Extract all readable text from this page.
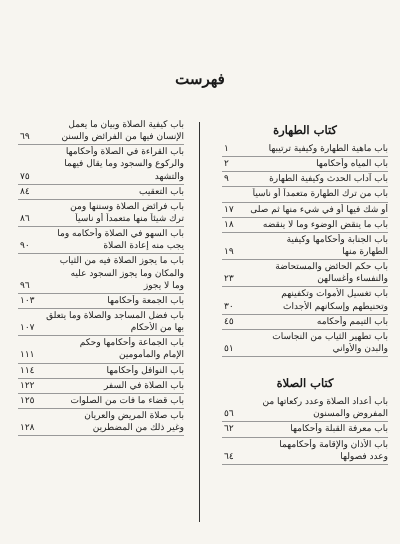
فهرست
كتاب الطهارة
باب ماهية الطهارة وكيفية ترتيبها
١
باب المياه وأحكامها
٢
باب آداب الحدث وكيفية الطهارة
٩
باب من ترك الطهارة متعمداً أو ناسياً
أو شك فيها أو في شيء منها ثم صلى
١٧
باب ما ينقض الوضوء وما لا ينقضه
١٨
باب الجنابة وأحكامها وكيفية
الطهارة منها
١٩
باب حكم الحائض والمستحاضة
والنفساء وأغسالهن
٢٣
باب تغسيل الأموات وتكفينهم
وتحنيطهم وإسكانهم الأجداث
٣٠
باب التيمم وأحكامه
٤٥
باب تطهير الثياب من النجاسات
والبدن والأواني
٥١
كتاب الصلاة
باب أعداد الصلاة وعدد ركعاتها من
المفروض والمسنون
٥٦
باب معرفة القبلة وأحكامها
٦٢
باب الأذان والإقامة وأحكامهما
وعدد فصولها
٦٤
باب كيفية الصلاة وبيان ما يعمل
الإنسان فيها من الفرائض والسنن
٦٩
باب القراءة في الصلاة وأحكامها
والركوع والسجود وما يقال فيهما
والتشهد
٧٥
باب التعقيب
٨٤
باب فرائض الصلاة وسننها ومن
ترك شيئاً منها متعمداً أو ناسياً
٨٦
باب السهو في الصلاة وأحكامه وما
يجب منه إعادة الصلاة
٩٠
باب ما يجوز الصلاة فيه من الثياب
والمكان وما يجوز السجود عليه
وما لا يجوز
٩٦
باب الجمعة وأحكامها
١٠٣
باب فضل المساجد والصلاة وما يتعلق
بها من الأحكام
١٠٧
باب الجماعة وأحكامها وحكم
الإمام والمأمومين
١١١
باب النوافل وأحكامها
١١٤
باب الصلاة في السفر
١٢٢
باب قضاء ما فات من الصلوات
١٢٥
باب صلاة المريض والعريان
وغير ذلك من المضطرين
١٢٨
